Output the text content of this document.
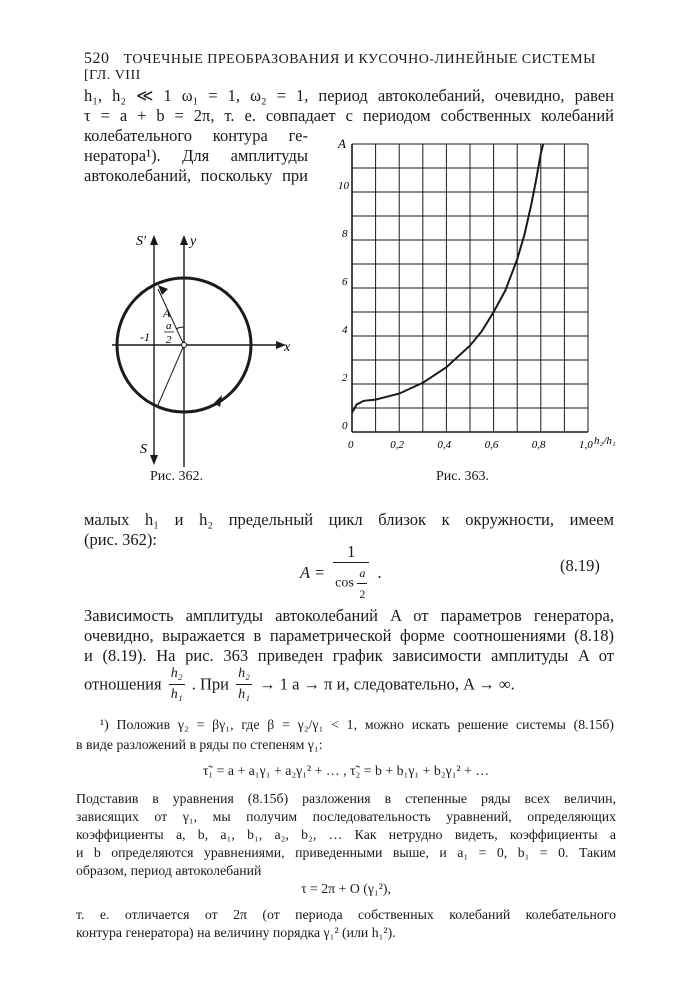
520 ТОЧЕЧНЫЕ ПРЕОБРАЗОВАНИЯ И КУСОЧНО-ЛИНЕЙНЫЕ СИСТЕМЫ [ГЛ. VIII
h₁, h₂ ≪ 1 ω₁ = 1, ω₂ = 1, период автоколебаний, очевидно, равен
τ = a + b = 2π, т. е. совпадает с периодом собственных колебаний
колебательного контура ге-
нератора¹). Для амплитуды
автоколебаний, поскольку при
S′	y
x
S
-1
A
a
2
Рис. 362.
0	0,2	0,4	0,6	0,8	1,0
0
2
4
6
8
10
A
h₂/h₁
Рис. 363.
малых h₁ и h₂ предельный цикл близок к окружности, имеем
(рис. 362):
$A = \frac{1}{\cos \frac{a}{2}}$ .	(8.19)
Зависимость амплитуды автоколебаний A от параметров генератора,
очевидно, выражается в параметрической форме соотношениями (8.18)
и (8.19). На рис. 363 приведен график зависимости амплитуды A от
отношения $\frac{\text{h₂}}{\text{h₁}}$ . При $\frac{\text{h₂}}{\text{h₁}} \to 1$ a → π и, следовательно, A → ∞.
¹) Положив γ₂ = βγ₁, где β = γ₂/γ₁ < 1, можно искать решение системы (8.15б)
в виде разложений в ряды по степеням γ₁:
τ̃₁ = a + a₁γ₁ + a₂γ₁² + … , τ̃₂ = b + b₁γ₁ + b₂γ₁² + …
Подставив в уравнения (8.15б) разложения в степенные ряды всех величин,
зависящих от γ₁, мы получим последовательность уравнений, определяющих
коэффициенты a, b, a₁, b₁, a₂, b₂, … Как нетрудно видеть, коэффициенты a
и b определяются уравнениями, приведенными выше, и a₁ = 0, b₁ = 0. Таким
образом, период автоколебаний
τ = 2π + O (γ₁²),
т. е. отличается от 2π (от периода собственных колебаний колебательного
контура генератора) на величину порядка γ₁² (или h₁²).
